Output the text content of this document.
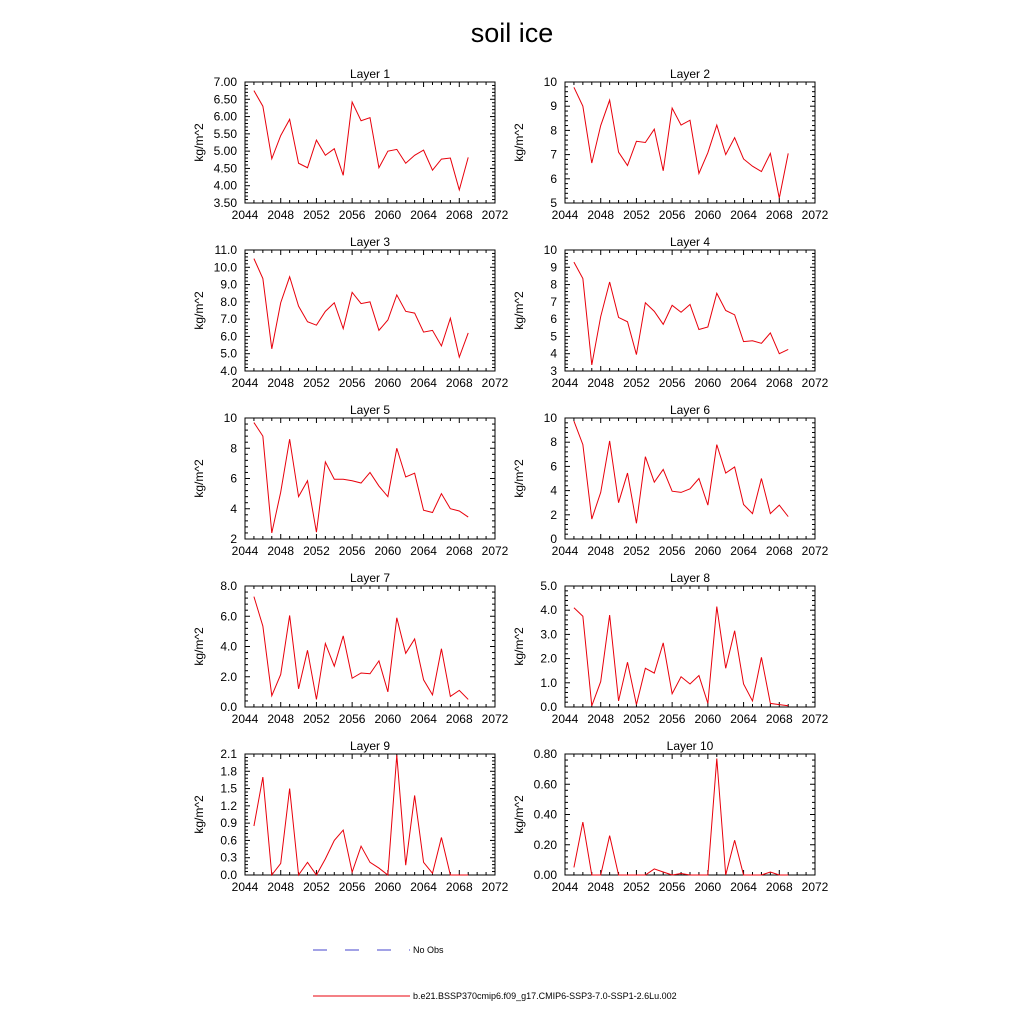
soil ice
Layer 1
kg/m^2
2044 2048 2052 2056 2060 2064 2068 2072
3.50
4.00
4.50
5.00
5.50
6.00
6.50
7.00
Layer 2
kg/m^2
2044 2048 2052 2056 2060 2064 2068 2072
5
6
7
8
9
10
Layer 3
kg/m^2
2044 2048 2052 2056 2060 2064 2068 2072
4.0
5.0
6.0
7.0
8.0
9.0
10.0
11.0
Layer 4
kg/m^2
2044 2048 2052 2056 2060 2064 2068 2072
3
4
5
6
7
8
9
10
Layer 5
kg/m^2
2044 2048 2052 2056 2060 2064 2068 2072
2
4
6
8
10
Layer 6
kg/m^2
2044 2048 2052 2056 2060 2064 2068 2072
0
2
4
6
8
10
Layer 7
kg/m^2
2044 2048 2052 2056 2060 2064 2068 2072
0.0
2.0
4.0
6.0
8.0
Layer 8
kg/m^2
2044 2048 2052 2056 2060 2064 2068 2072
0.0
1.0
2.0
3.0
4.0
5.0
Layer 9
kg/m^2
2044 2048 2052 2056 2060 2064 2068 2072
0.0
0.3
0.6
0.9
1.2
1.5
1.8
2.1
Layer 10
kg/m^2
2044 2048 2052 2056 2060 2064 2068 2072
0.00
0.20
0.40
0.60
0.80
No Obs
b.e21.BSSP370cmip6.f09_g17.CMIP6-SSP3-7.0-SSP1-2.6Lu.002
